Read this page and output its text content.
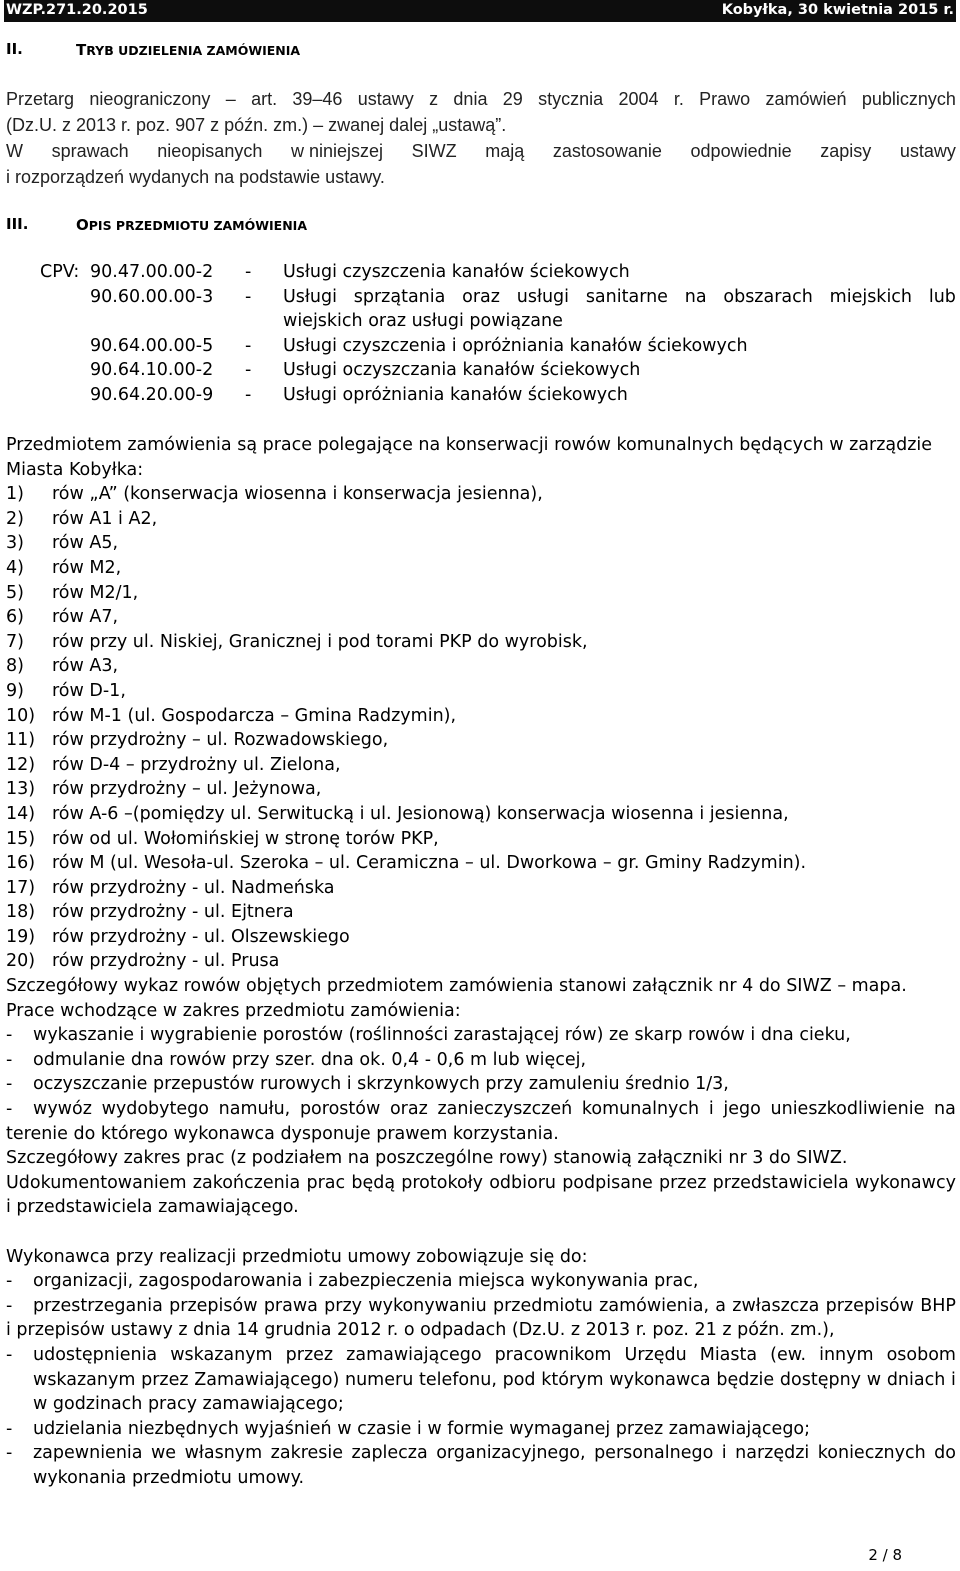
WZP.271.20.2015	Kobyłka, 30 kwietnia 2015 r.
II.	TRYB UDZIELENIA ZAMÓWIENIA
Przetarg nieograniczony – art. 39–46 ustawy z dnia 29 stycznia 2004 r. Prawo zamówień publicznych
(Dz.U. z 2013 r. poz. 907 z późn. zm.) – zwanej dalej „ustawą”.
W sprawach nieopisanych w niniejszej SIWZ mają zastosowanie odpowiednie zapisy ustawy
i rozporządzeń wydanych na podstawie ustawy.
III.	OPIS PRZEDMIOTU ZAMÓWIENIA
CPV: 90.47.00.00-2 - Usługi czyszczenia kanałów ściekowych
90.60.00.00-3 - Usługi sprzątania oraz usługi sanitarne na obszarach miejskich lub
wiejskich oraz usługi powiązane
90.64.00.00-5 - Usługi czyszczenia i opróżniania kanałów ściekowych
90.64.10.00-2 - Usługi oczyszczania kanałów ściekowych
90.64.20.00-9 - Usługi opróżniania kanałów ściekowych
Przedmiotem zamówienia są prace polegające na konserwacji rowów komunalnych będących w zarządzie
Miasta Kobyłka:
1) rów „A” (konserwacja wiosenna i konserwacja jesienna),
2) rów A1 i A2,
3) rów A5,
4) rów M2,
5) rów M2/1,
6) rów A7,
7) rów przy ul. Niskiej, Granicznej i pod torami PKP do wyrobisk,
8) rów A3,
9) rów D-1,
10) rów M-1 (ul. Gospodarcza – Gmina Radzymin),
11) rów przydrożny – ul. Rozwadowskiego,
12) rów D-4 – przydrożny ul. Zielona,
13) rów przydrożny – ul. Jeżynowa,
14) rów A-6 –(pomiędzy ul. Serwitucką i ul. Jesionową) konserwacja wiosenna i jesienna,
15) rów od ul. Wołomińskiej w stronę torów PKP,
16) rów M (ul. Wesoła-ul. Szeroka – ul. Ceramiczna – ul. Dworkowa – gr. Gminy Radzymin).
17) rów przydrożny - ul. Nadmeńska
18) rów przydrożny - ul. Ejtnera
19) rów przydrożny - ul. Olszewskiego
20) rów przydrożny - ul. Prusa
Szczegółowy wykaz rowów objętych przedmiotem zamówienia stanowi załącznik nr 4 do SIWZ – mapa.
Prace wchodzące w zakres przedmiotu zamówienia:
- wykaszanie i wygrabienie porostów (roślinności zarastającej rów) ze skarp rowów i dna cieku,
- odmulanie dna rowów przy szer. dna ok. 0,4 - 0,6 m lub więcej,
- oczyszczanie przepustów rurowych i skrzynkowych przy zamuleniu średnio 1/3,
- wywóz wydobytego namułu, porostów oraz zanieczyszczeń komunalnych i jego unieszkodliwienie na
terenie do którego wykonawca dysponuje prawem korzystania.
Szczegółowy zakres prac (z podziałem na poszczególne rowy) stanowią załączniki nr 3 do SIWZ.
Udokumentowaniem zakończenia prac będą protokoły odbioru podpisane przez przedstawiciela wykonawcy
i przedstawiciela zamawiającego.
Wykonawca przy realizacji przedmiotu umowy zobowiązuje się do:
- organizacji, zagospodarowania i zabezpieczenia miejsca wykonywania prac,
- przestrzegania przepisów prawa przy wykonywaniu przedmiotu zamówienia, a zwłaszcza przepisów BHP
i przepisów ustawy z dnia 14 grudnia 2012 r. o odpadach (Dz.U. z 2013 r. poz. 21 z późn. zm.),
- udostępnienia wskazanym przez zamawiającego pracownikom Urzędu Miasta (ew. innym osobom
wskazanym przez Zamawiającego) numeru telefonu, pod którym wykonawca będzie dostępny w dniach i
w godzinach pracy zamawiającego;
- udzielania niezbędnych wyjaśnień w czasie i w formie wymaganej przez zamawiającego;
- zapewnienia we własnym zakresie zaplecza organizacyjnego, personalnego i narzędzi koniecznych do
wykonania przedmiotu umowy.
2 / 8
